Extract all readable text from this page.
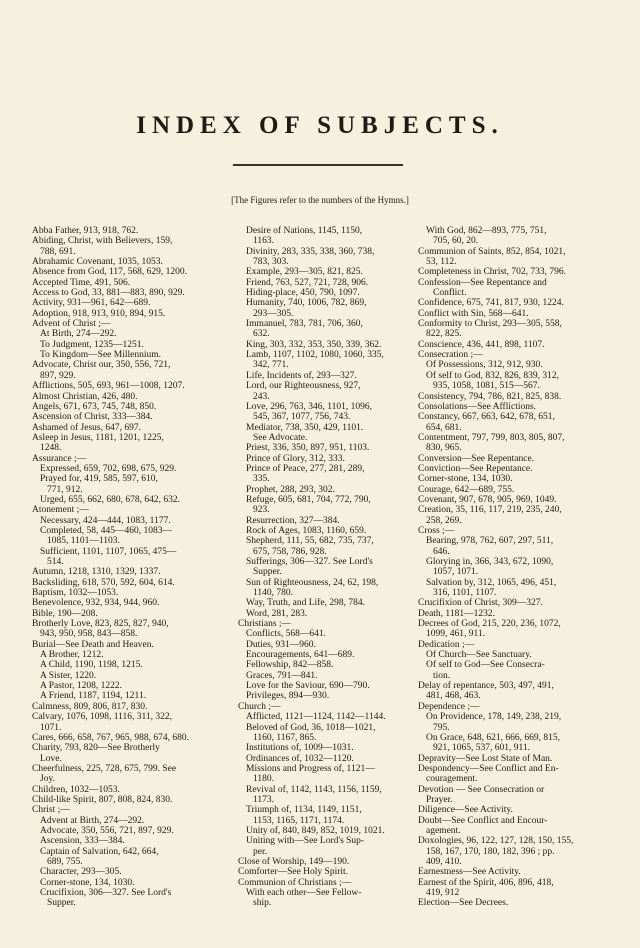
INDEX OF SUBJECTS.
[The Figures refer to the numbers of the Hymns.]
Abba Father, 913, 918, 762.
Abiding, Christ, with Believers, 159,
788, 691.
Abrahamic Covenant, 1035, 1053.
Absence from God, 117, 568, 629, 1200.
Accepted Time, 491, 506.
Access to God, 33, 881—883, 890, 929.
Activity, 931—961, 642—689.
Adoption, 918, 913, 910, 894, 915.
Advent of Christ ;—
At Birth, 274—292.
To Judgment, 1235—1251.
To Kingdom—See Millennium.
Advocate, Christ our, 350, 556, 721,
897, 929.
Afflictions, 505, 693, 961—1008, 1207.
Almost Christian, 426, 480.
Angels, 671, 673, 745, 748, 850.
Ascension of Christ, 333—384.
Ashamed of Jesus, 647, 697.
Asleep in Jesus, 1181, 1201, 1225,
1248.
Assurance ;—
Expressed, 659, 702, 698, 675, 929.
Prayed for, 419, 585, 597, 610,
771, 912.
Urged, 655, 662, 680, 678, 642, 632.
Atonement ;—
Necessary, 424—444, 1083, 1177.
Completed, 58, 445—460, 1083—
1085, 1101—1103.
Sufficient, 1101, 1107, 1065, 475—
514.
Autumn, 1218, 1310, 1329, 1337.
Backsliding, 618, 570, 592, 604, 614.
Baptism, 1032—1053.
Benevolence, 932, 934, 944, 960.
Bible, 190—208.
Brotherly Love, 823, 825, 827, 940,
943, 950, 958, 843—858.
Burial—See Death and Heaven.
A Brother, 1212.
A Child, 1190, 1198, 1215.
A Sister, 1220.
A Pastor, 1208, 1222.
A Friend, 1187, 1194, 1211.
Calmness, 809, 806, 817, 830.
Calvary, 1076, 1098, 1116, 311, 322,
1071.
Cares, 666, 658, 767, 965, 988, 674, 680.
Charity, 793, 820—See Brotherly
Love.
Cheerfulness, 225, 728, 675, 799. See
Joy.
Children, 1032—1053.
Child-like Spirit, 807, 808, 824, 830.
Christ ;—
Advent at Birth, 274—292.
Advocate, 350, 556, 721, 897, 929.
Ascension, 333—384.
Captain of Salvation, 642, 664,
689, 755.
Character, 293—305.
Corner-stone, 134, 1030.
Crucifixion, 306—327. See Lord's
Supper.
Desire of Nations, 1145, 1150,
1163.
Divinity, 283, 335, 338, 360, 738,
783, 303.
Example, 293—305, 821, 825.
Friend, 763, 527, 721, 728, 906.
Hiding-place, 450, 790, 1097.
Humanity, 740, 1006, 782, 869,
293—305.
Immanuel, 783, 781, 706, 360,
632.
King, 303, 332, 353, 350, 339, 362.
Lamb, 1107, 1102, 1080, 1060, 335,
342, 771.
Life, Incidents of, 293—327.
Lord, our Righteousness, 927,
243.
Love, 296, 763, 346, 1101, 1096,
545, 367, 1077, 756, 743.
Mediator, 738, 350, 429, 1101.
See Advocate.
Priest, 336, 350, 897, 951, 1103.
Prince of Glory, 312, 333.
Prince of Peace, 277, 281, 289,
335.
Prophet, 288, 293, 302.
Refuge, 605, 681, 704, 772, 790,
923.
Resurrection, 327—384.
Rock of Ages, 1083, 1160, 659.
Shepherd, 111, 55, 682, 735, 737,
675, 758, 786, 928.
Sufferings, 306—327. See Lord's
Supper.
Sun of Righteousness, 24, 62, 198,
1140, 780.
Way, Truth, and Life, 298, 784.
Word, 281, 283.
Christians ;—
Conflicts, 568—641.
Duties, 931—960.
Encouragements, 641—689.
Fellowship, 842—858.
Graces, 791—841.
Love for the Saviour, 690—790.
Privileges, 894—930.
Church ;—
Afflicted, 1121—1124, 1142—1144.
Beloved of God, 36, 1018—1021,
1160, 1167, 865.
Institutions of, 1009—1031.
Ordinances of, 1032—1120.
Missions and Progress of, 1121—
1180.
Revival of, 1142, 1143, 1156, 1159,
1173.
Triumph of, 1134, 1149, 1151,
1153, 1165, 1171, 1174.
Unity of, 840, 849, 852, 1019, 1021.
Uniting with—See Lord's Sup-
per.
Close of Worship, 149—190.
Comforter—See Holy Spirit.
Communion of Christians ;—
With each other—See Fellow-
ship.
With God, 862—893, 775, 751,
705, 60, 20.
Communion of Saints, 852, 854, 1021,
53, 112.
Completeness in Christ, 702, 733, 796.
Confession—See Repentance and
Conflict.
Confidence, 675, 741, 817, 930, 1224.
Conflict with Sin, 568—641.
Conformity to Christ, 293—305, 558,
822, 825.
Conscience, 436, 441, 898, 1107.
Consecration ;—
Of Possessions, 312, 912, 930.
Of self to God, 832, 826, 839, 312,
935, 1058, 1081, 515—567.
Consistency, 794, 786, 821, 825, 838.
Consolations—See Afflictions.
Constancy, 667, 663, 642, 678, 651,
654, 681.
Contentment, 797, 799, 803, 805, 807,
830, 965.
Conversion—See Repentance.
Conviction—See Repentance.
Corner-stone, 134, 1030.
Courage, 642—689, 755.
Covenant, 907, 678, 905, 969, 1049.
Creation, 35, 116, 117, 219, 235, 240,
258, 269.
Cross ;—
Bearing, 978, 762, 607, 297, 511,
646.
Glorying in, 366, 343, 672, 1090,
1057, 1071.
Salvation by, 312, 1065, 496, 451,
316, 1101, 1107.
Crucifixion of Christ, 309—327.
Death, 1181—1232.
Decrees of God, 215, 220, 236, 1072,
1099, 461, 911.
Dedication ;—
Of Church—See Sanctuary.
Of self to God—See Consecra-
tion.
Delay of repentance, 503, 497, 491,
481, 468, 463.
Dependence ;—
On Providence, 178, 149, 238, 219,
795.
On Grace, 648, 621, 666, 669, 815,
921, 1065, 537, 601, 911.
Depravity—See Lost State of Man.
Despondency—See Conflict and En-
couragement.
Devotion — See Consecration or
Prayer.
Diligence—See Activity.
Doubt—See Conflict and Encour-
agement.
Doxologies, 96, 122, 127, 128, 150, 155,
158, 167, 170, 180, 182, 396 ; pp.
409, 410.
Earnestness—See Activity.
Earnest of the Spirit, 406, 896, 418,
419, 912
Election—See Decrees.
